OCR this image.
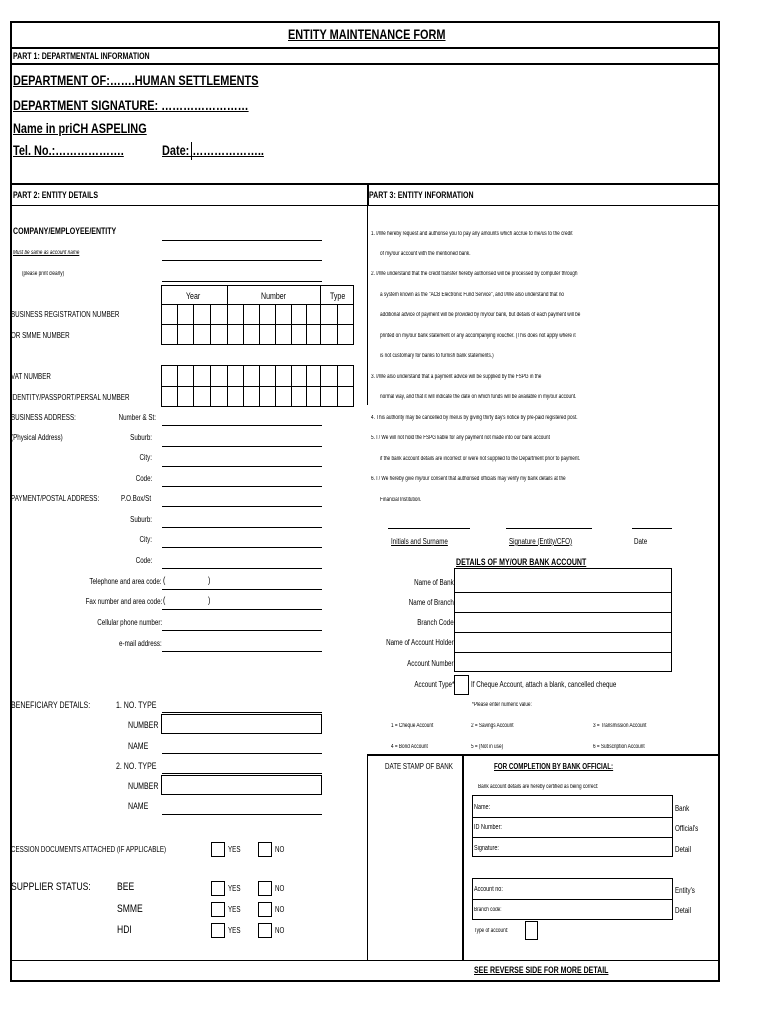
ENTITY MAINTENANCE FORM
PART 1: DEPARTMENTAL INFORMATION
DEPARTMENT OF:…….HUMAN SETTLEMENTS
DEPARTMENT SIGNATURE: ……………………
Name in priCH ASPELING
Tel. No.:……………….	Date: ………………..
PART 2: ENTITY DETAILS	PART 3: ENTITY INFORMATION
COMPANY/EMPLOYEE/ENTITY
Must be same as account name
(please print clearly)
Year	Number	Type
BUSINESS REGISTRATION NUMBER
OR SMME NUMBER
VAT NUMBER
IDENTITY/PASSPORT/PERSAL NUMBER
BUSINESS ADDRESS:
(Physical Address)
Number & St:
Suburb:
City:
Code:
PAYMENT/POSTAL ADDRESS:	P.O.Box/St
Suburb:
City:
Code:
Telephone and area code: (	)
Fax number and area code: (	)
Cellular phone number:
e-mail address:
BENEFICIARY DETAILS:	1. NO. TYPE
NUMBER
NAME
2. NO. TYPE
NUMBER
NAME
CESSION DOCUMENTS ATTACHED (IF APPLICABLE)	YES	NO
SUPPLIER STATUS: BEE	YES	NO
SMME	YES	NO
HDI	YES	NO
1. I/We hereby request and authorise you to pay any amounts which accrue to me/us to the credit
of my/our account with the mentioned bank.
2. I/We understand that the credit transfer hereby authorised will be processed by computer through
a system known as the "ACB Electronic Fund Service", and I/We also understand that no
additional advice of payment will be provided by my/our bank, but details of each payment will be
printed on my/our bank statement or any accompanying voucher. (This does not apply where it
is not customary for banks to furnish bank statements.)
3. I/We also understand that a payment advice will be supplied by the FSPG in the
normal way, and that it will indicate the date on which funds will be available in my/our account.
4. This authority may be cancelled by me/us by giving thirty day's notice by pre-paid registered post.
5. I / We will not hold the FSPG liable for any payment not made into our bank account
if the bank account details are incorrect or were not supplied to the Department prior to payment.
6. I / We hereby give my/our consent that authorised officials may verify my bank details at the
Financial Institution.
Initials and Surname	Signature (Entity/CFO)	Date
DETAILS OF MY/OUR BANK ACCOUNT
Name of Bank
Name of Branch
Branch Code
Name of Account Holder
Account Number
Account Type* If Cheque Account, attach a blank, cancelled cheque
*Please enter numeric value:
1 = Cheque Account	2 = Savings Account	3 = Transmission Account
4 = Bond Account	5 = (Not in use)	6 = Subscription Account
DATE STAMP OF BANK	FOR COMPLETION BY BANK OFFICIAL:
Bank account details are hereby certified as being correct:
Name:
ID Number:
Signature:
Bank
Official's
Detail
Account no:
Branch code:
Type of account:
Entity's
Detail
SEE REVERSE SIDE FOR MORE DETAIL
